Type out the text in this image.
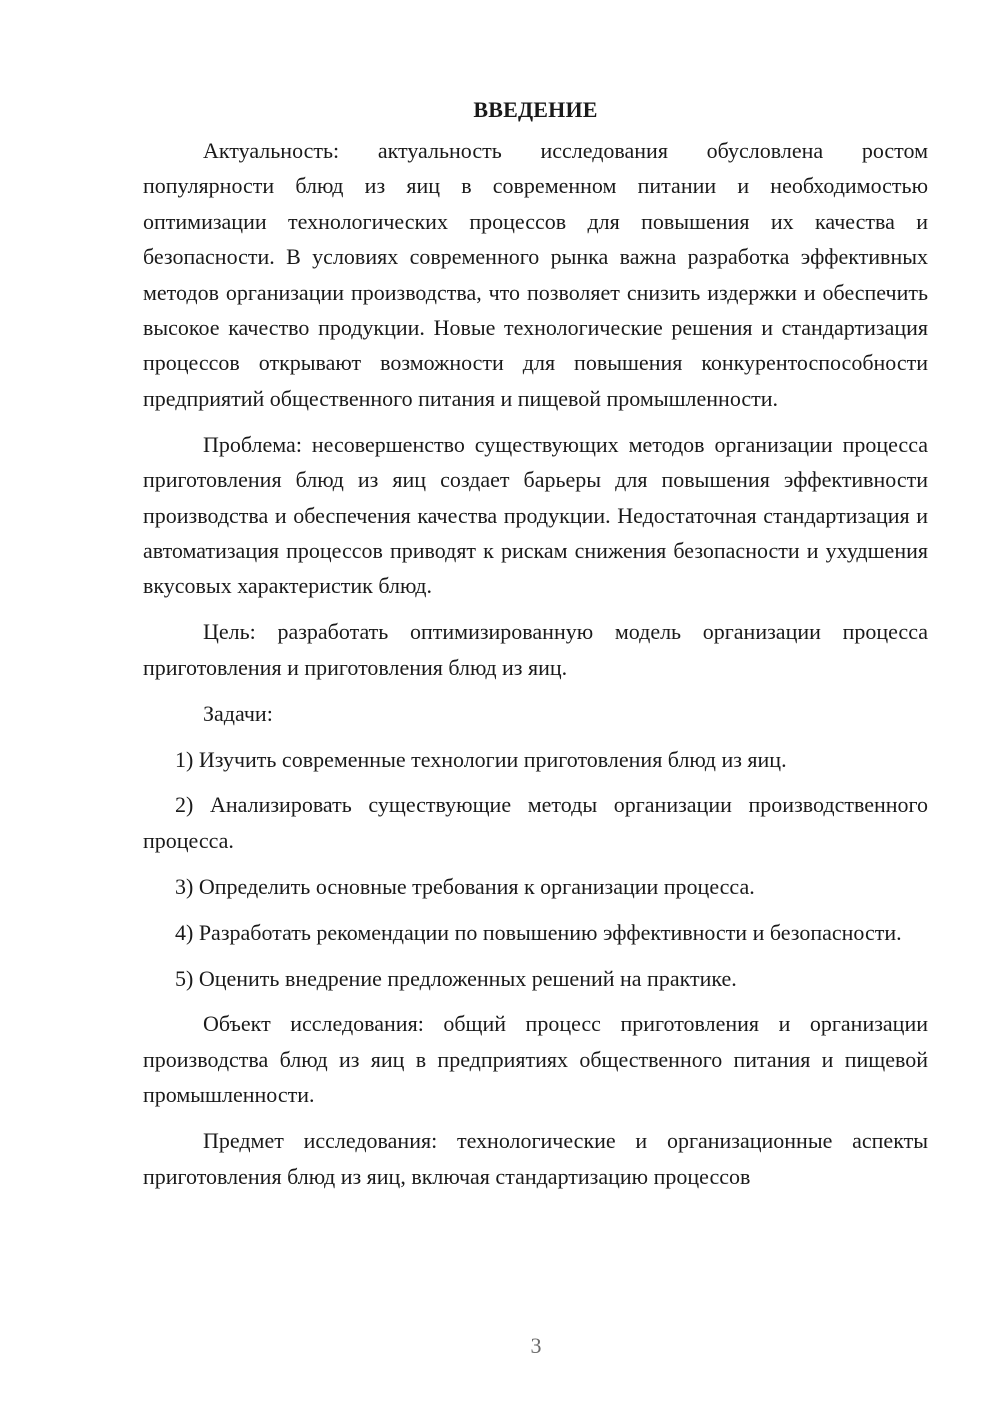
ВВЕДЕНИЕ

Актуальность: актуальность исследования обусловлена ростом популярности блюд из яиц в современном питании и необходимостью оптимизации технологических процессов для повышения их качества и безопасности. В условиях современного рынка важна разработка эффективных методов организации производства, что позволяет снизить издержки и обеспечить высокое качество продукции. Новые технологические решения и стандартизация процессов открывают возможности для повышения конкурентоспособности предприятий общественного питания и пищевой промышленности.

Проблема: несовершенство существующих методов организации процесса приготовления блюд из яиц создает барьеры для повышения эффективности производства и обеспечения качества продукции. Недостаточная стандартизация и автоматизация процессов приводят к рискам снижения безопасности и ухудшения вкусовых характеристик блюд.

Цель: разработать оптимизированную модель организации процесса приготовления и приготовления блюд из яиц.

Задачи:

1) Изучить современные технологии приготовления блюд из яиц.

2) Анализировать существующие методы организации производственного процесса.

3) Определить основные требования к организации процесса.

4) Разработать рекомендации по повышению эффективности и безопасности.

5) Оценить внедрение предложенных решений на практике.

Объект исследования: общий процесс приготовления и организации производства блюд из яиц в предприятиях общественного питания и пищевой промышленности.

Предмет исследования: технологические и организационные аспекты приготовления блюд из яиц, включая стандартизацию процессов

3
